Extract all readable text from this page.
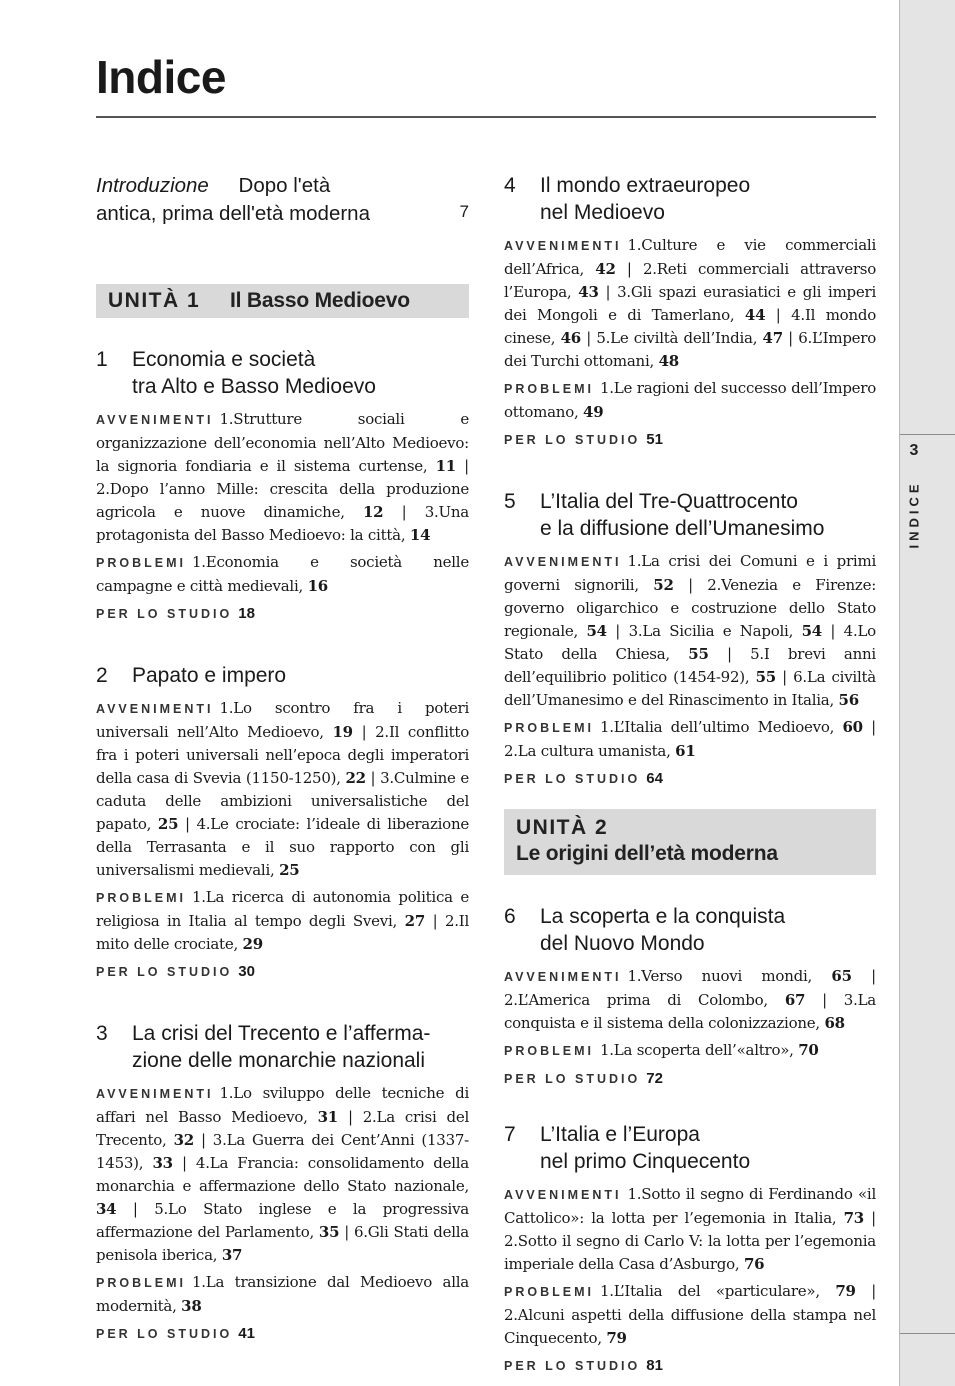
3
INDICE
Indice
Introduzione Dopo l'età
antica, prima dell'età moderna	7
UNITÀ 1 Il Basso Medioevo
1	Economia e società
tra Alto e Basso Medioevo

AVVENIMENTI 1.Strutture sociali e organizzazione dell’economia nell’Alto Medioevo: la signoria fondiaria e il sistema curtense, 11 | 2.Dopo l’anno Mille: crescita della produzione agricola e nuove dinamiche, 12 | 3.Una protagonista del Basso Medioevo: la città, 14

PROBLEMI 1.Economia e società nelle campagne e città medievali, 16

PER LO STUDIO 18
2	Papato e impero

AVVENIMENTI 1.Lo scontro fra i poteri universali nell’Alto Medioevo, 19 | 2.Il conflitto fra i poteri universali nell’epoca degli imperatori della casa di Svevia (1150-1250), 22 | 3.Culmine e caduta delle ambizioni universalistiche del papato, 25 | 4.Le crociate: l’ideale di liberazione della Terrasanta e il suo rapporto con gli universalismi medievali, 25

PROBLEMI 1.La ricerca di autonomia politica e religiosa in Italia al tempo degli Svevi, 27 | 2.Il mito delle crociate, 29

PER LO STUDIO 30
3	La crisi del Trecento e l’afferma-
zione delle monarchie nazionali

AVVENIMENTI 1.Lo sviluppo delle tecniche di affari nel Basso Medioevo, 31 | 2.La crisi del Trecento, 32 | 3.La Guerra dei Cent’Anni (1337-1453), 33 | 4.La Francia: consolidamento della monarchia e affermazione dello Stato nazionale, 34 | 5.Lo Stato inglese e la progressiva affermazione del Parlamento, 35 | 6.Gli Stati della penisola iberica, 37

PROBLEMI 1.La transizione dal Medioevo alla modernità, 38

PER LO STUDIO 41
4	Il mondo extraeuropeo
nel Medioevo

AVVENIMENTI 1.Culture e vie commerciali dell’Africa, 42 | 2.Reti commerciali attraverso l’Europa, 43 | 3.Gli spazi eurasiatici e gli imperi dei Mongoli e di Tamerlano, 44 | 4.Il mondo cinese, 46 | 5.Le civiltà dell’India, 47 | 6.L’Impero dei Turchi ottomani, 48

PROBLEMI 1.Le ragioni del successo dell’Impero ottomano, 49

PER LO STUDIO 51
5	L’Italia del Tre-Quattrocento
e la diffusione dell’Umanesimo

AVVENIMENTI 1.La crisi dei Comuni e i primi governi signorili, 52 | 2.Venezia e Firenze: governo oligarchico e costruzione dello Stato regionale, 54 | 3.La Sicilia e Napoli, 54 | 4.Lo Stato della Chiesa, 55 | 5.I brevi anni dell’equilibrio politico (1454-92), 55 | 6.La civiltà dell’Umanesimo e del Rinascimento in Italia, 56

PROBLEMI 1.L’Italia dell’ultimo Medioevo, 60 | 2.La cultura umanista, 61

PER LO STUDIO 64
UNITÀ 2
Le origini dell’età moderna
6	La scoperta e la conquista
del Nuovo Mondo

AVVENIMENTI 1.Verso nuovi mondi, 65 | 2.L’America prima di Colombo, 67 | 3.La conquista e il sistema della colonizzazione, 68

PROBLEMI 1.La scoperta dell’«altro», 70

PER LO STUDIO 72
7	L’Italia e l’Europa
nel primo Cinquecento

AVVENIMENTI 1.Sotto il segno di Ferdinando «il Cattolico»: la lotta per l’egemonia in Italia, 73 | 2.Sotto il segno di Carlo V: la lotta per l’egemonia imperiale della Casa d’Asburgo, 76

PROBLEMI 1.L’Italia del «particulare», 79 | 2.Alcuni aspetti della diffusione della stampa nel Cinquecento, 79

PER LO STUDIO 81
